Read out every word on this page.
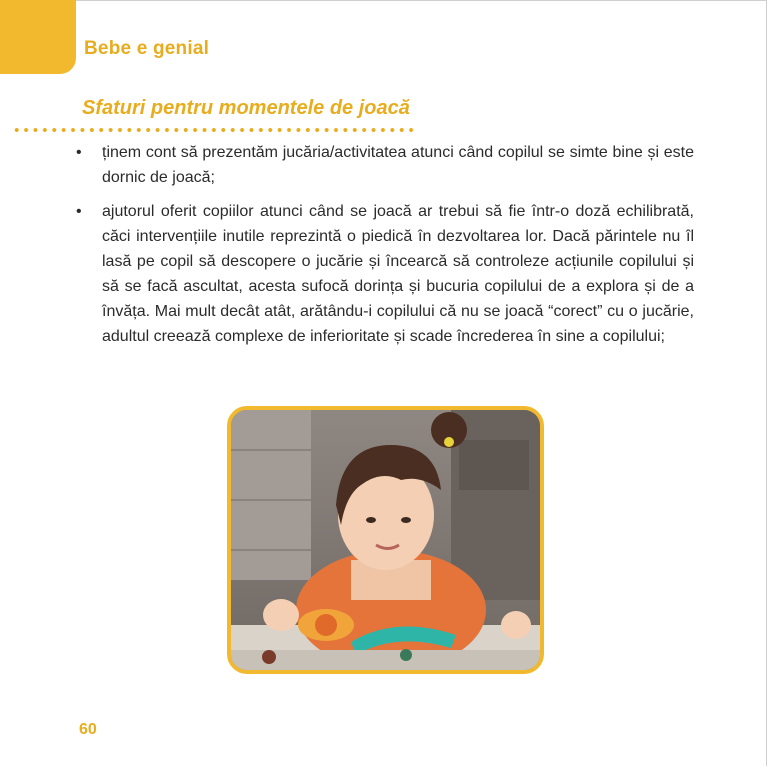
Bebe e genial
Sfaturi pentru momentele de joacă
• ținem cont să prezentăm jucăria/activitatea atunci când copilul se simte bine și este dornic de joacă;
• ajutorul oferit copiilor atunci când se joacă ar trebui să fie într-o doză echilibrată, căci intervențiile inutile reprezintă o piedică în dezvoltarea lor. Dacă părintele nu îl lasă pe copil să descopere o jucărie și încearcă să controleze acțiunile copilului și să se facă ascultat, acesta sufocă dorința și bucuria copilului de a explora și de a învăța. Mai mult decât atât, arătându-i copilului că nu se joacă “corect” cu o jucărie, adultul creează complexe de inferioritate și scade încrederea în sine a copilului;
60
